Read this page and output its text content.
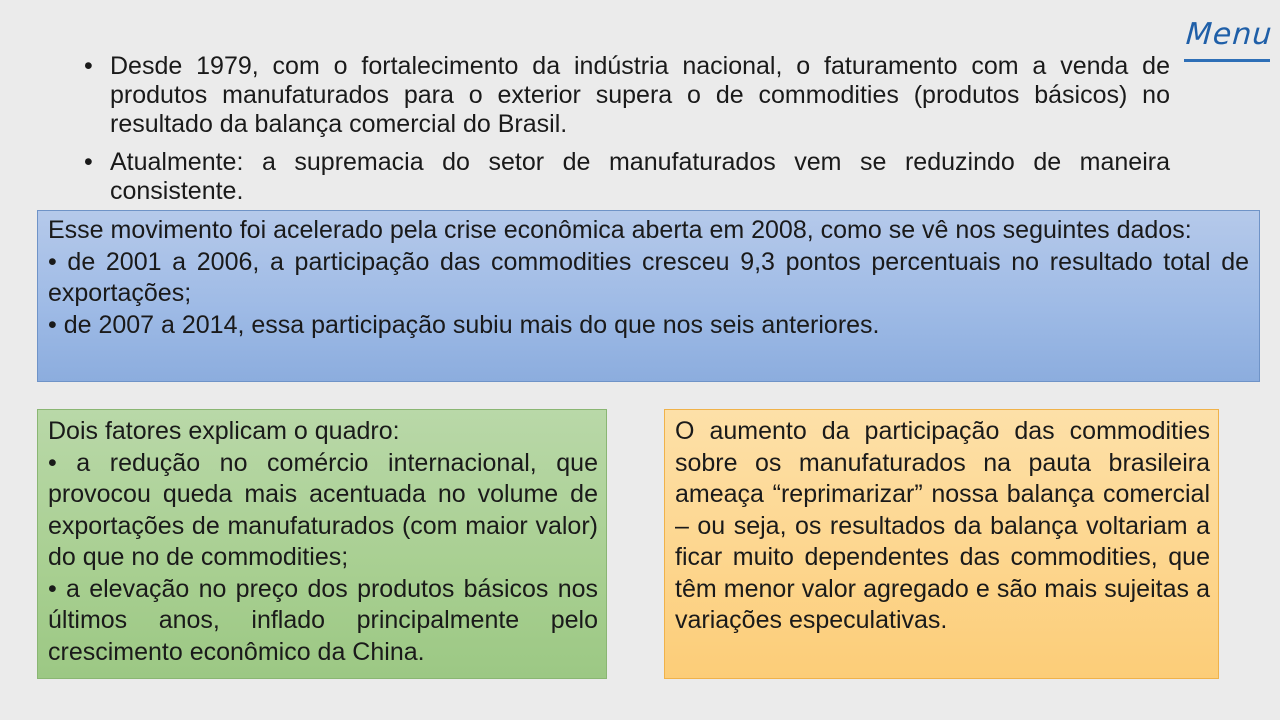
Menu
• Desde 1979, com o fortalecimento da indústria nacional, o faturamento com a venda de produtos manufaturados para o exterior supera o de commodities (produtos básicos) no resultado da balança comercial do Brasil.
• Atualmente: a supremacia do setor de manufaturados vem se reduzindo de maneira consistente.

Esse movimento foi acelerado pela crise econômica aberta em 2008, como se vê nos seguintes dados:

• de 2001 a 2006, a participação das commodities cresceu 9,3 pontos percentuais no resultado total de exportações;

• de 2007 a 2014, essa participação subiu mais do que nos seis anteriores.

Dois fatores explicam o quadro:

• a redução no comércio internacional, que provocou queda mais acentuada no volume de exportações de manufaturados (com maior valor) do que no de commodities;

• a elevação no preço dos produtos básicos nos últimos anos, inflado principalmente pelo crescimento econômico da China.

O aumento da participação das commodities sobre os manufaturados na pauta brasileira ameaça “reprimarizar” nossa balança comercial – ou seja, os resultados da balança voltariam a ficar muito dependentes das commodities, que têm menor valor agregado e são mais sujeitas a variações especulativas.
